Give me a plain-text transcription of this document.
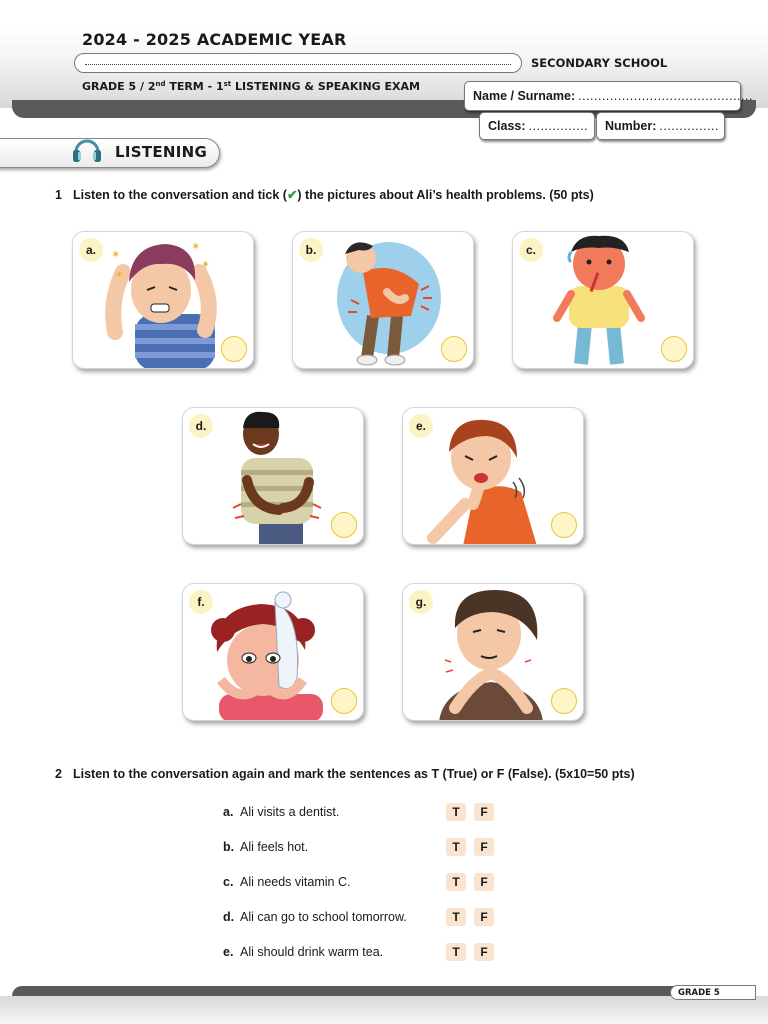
2024 - 2025 ACADEMIC YEAR
SECONDARY SCHOOL
GRADE 5 / 2nd TERM - 1st LISTENING & SPEAKING EXAM
Name / Surname: ............................................
Class: ............... Number: ...............
LISTENING
1 Listen to the conversation and tick (✔) the pictures about Ali’s health problems. (50 pts)
✶
✶
✶
✶
a.	b.	c.
d.	e.
f.	g.
2 Listen to the conversation again and mark the sentences as T (True) or F (False). (5x10=50 pts)
a. Ali visits a dentist.	T	F
b. Ali feels hot.	T	F
c. Ali needs vitamin C.	T	F
d. Ali can go to school tomorrow.	T	F
e. Ali should drink warm tea.	T	F
GRADE 5
